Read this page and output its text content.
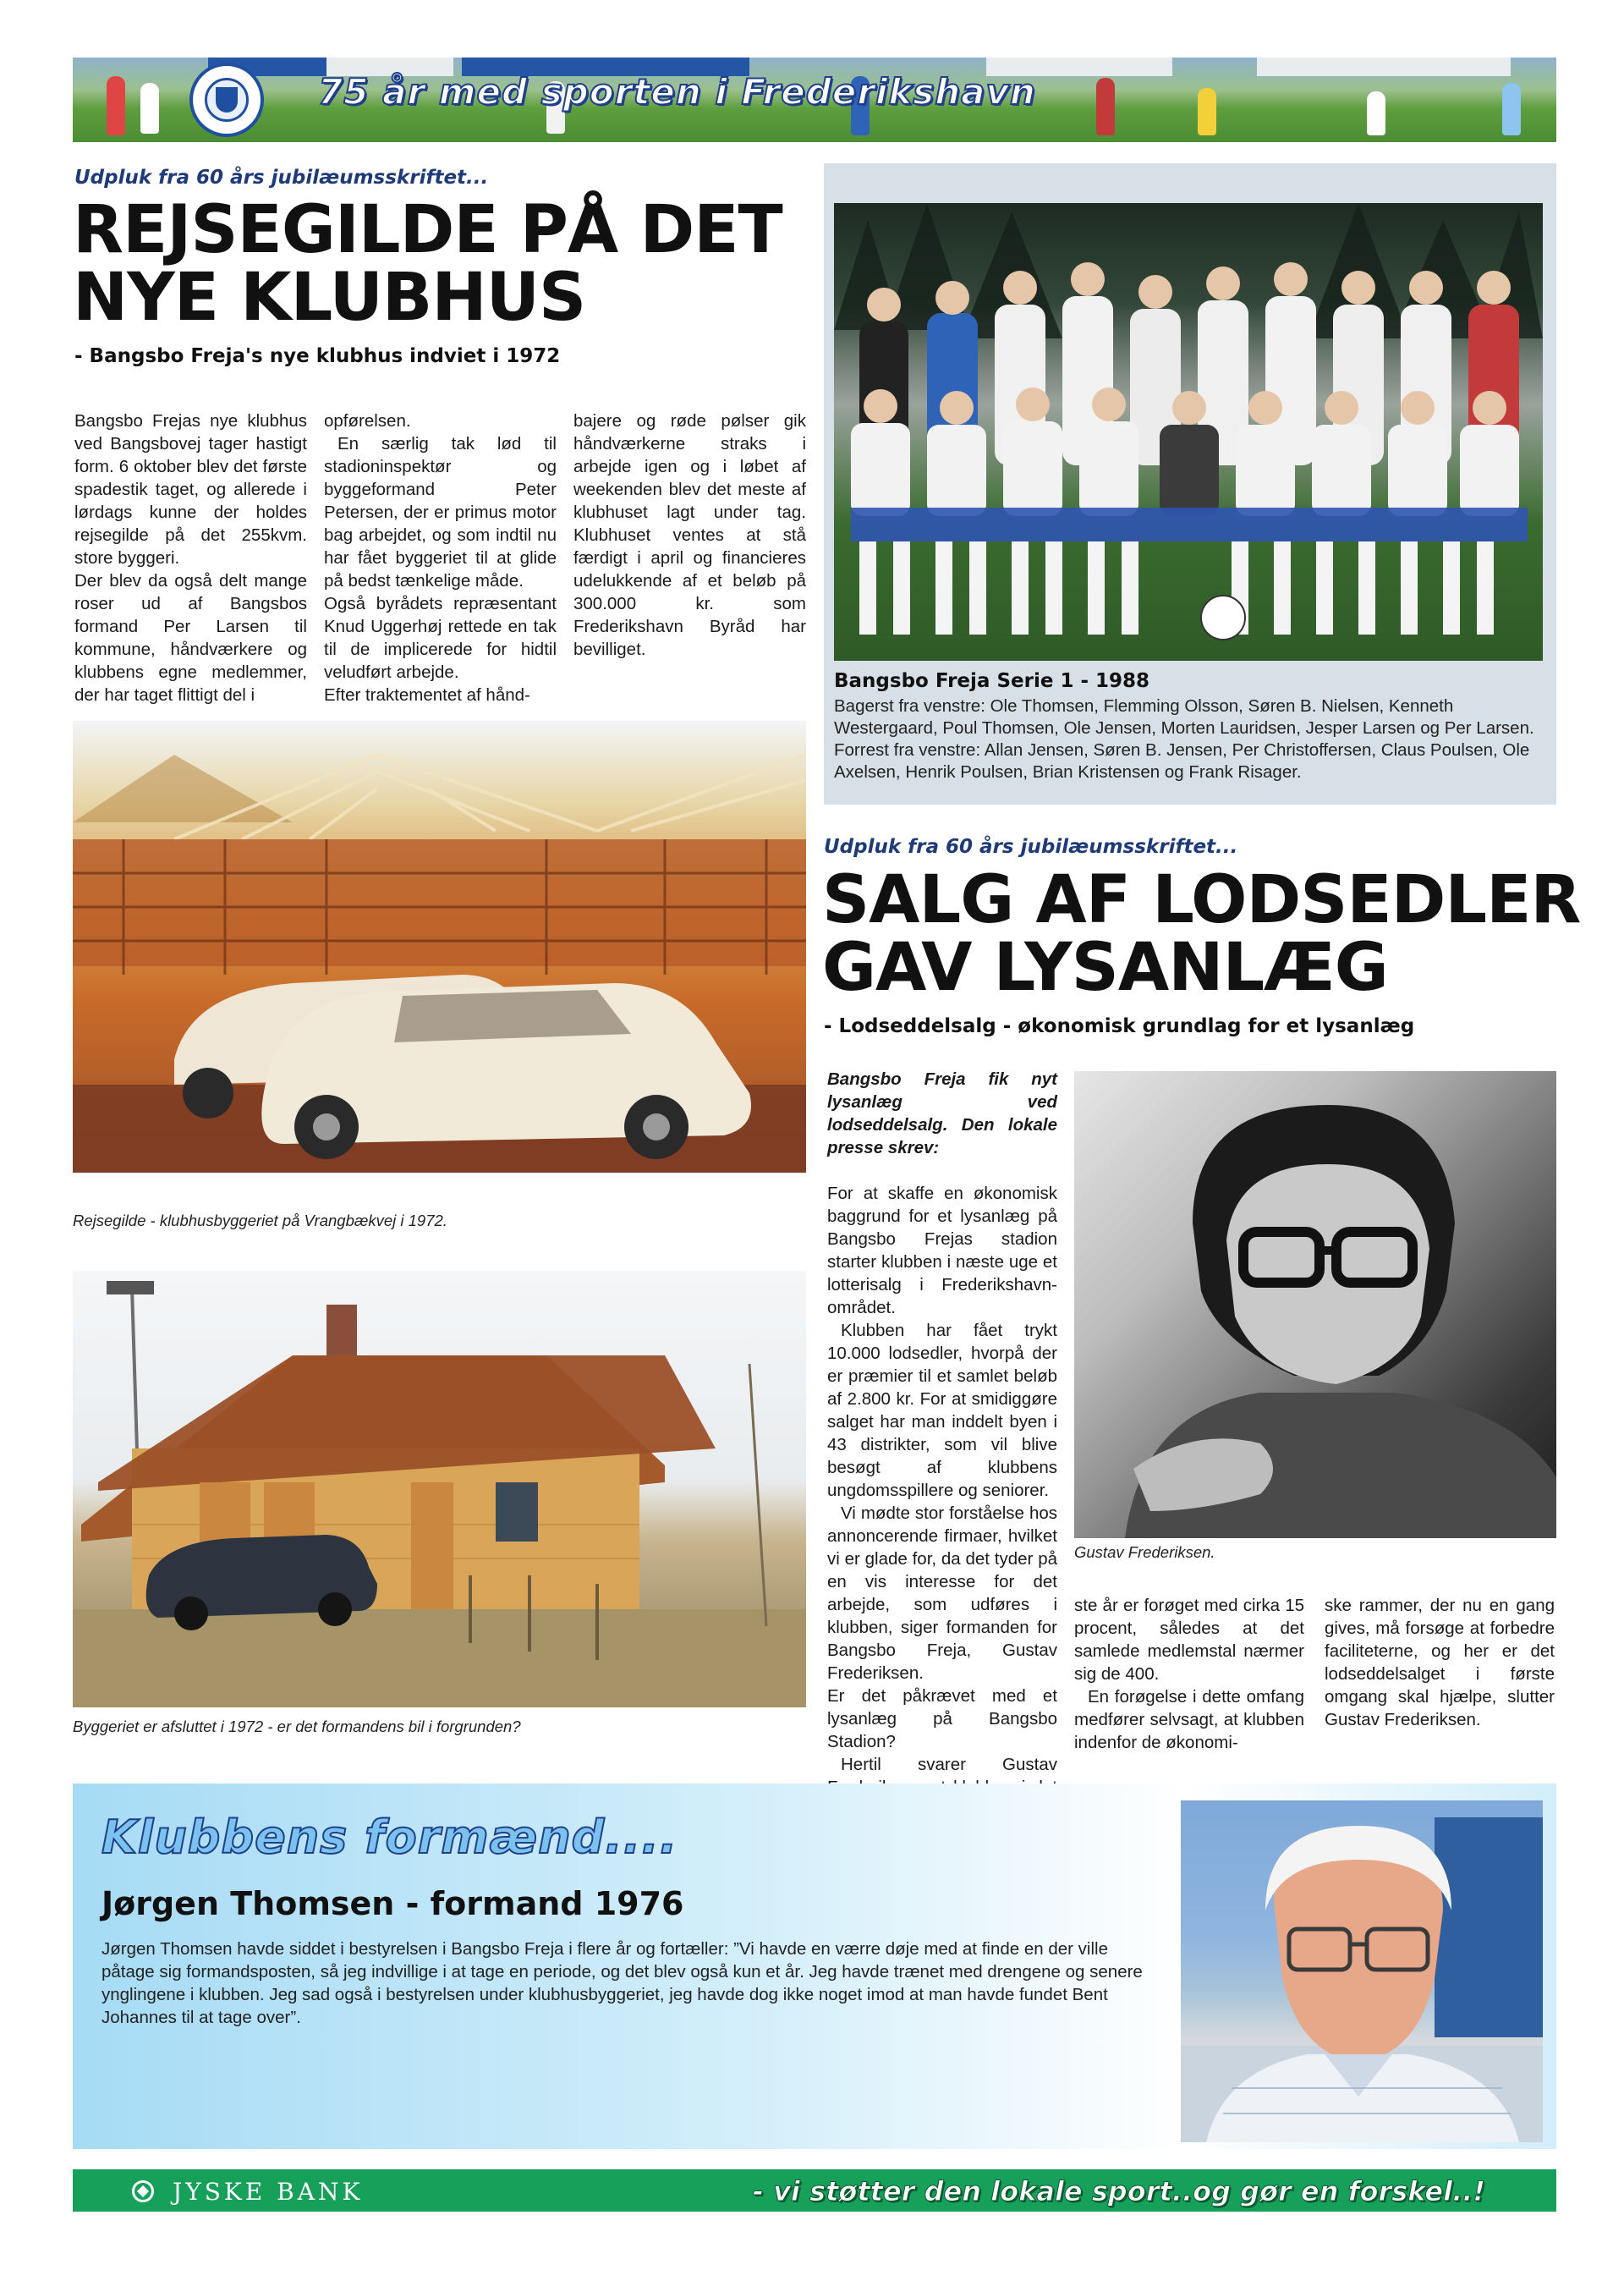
75 år med sporten i Frederikshavn
Udpluk fra 60 års jubilæumsskriftet...
REJSEGILDE PÅ DET
NYE KLUBHUS
- Bangsbo Freja's nye klubhus indviet i 1972

Bangsbo Frejas nye klubhus ved Bangsbovej tager hastigt form. 6 oktober blev det første spadestik taget, og allerede i lørdags kunne der holdes rejsegilde på det 255kvm. store byggeri.

Der blev da også delt mange roser ud af Bangsbos formand Per Larsen til kommune, håndværkere og klubbens egne medlemmer, der har taget flittigt del i

opførelsen.

En særlig tak lød til stadioninspektør og byggeformand Peter Petersen, der er primus motor bag arbejdet, og som indtil nu har fået byggeriet til at glide på bedst tænkelige måde.

Også byrådets repræsentant Knud Uggerhøj rettede en tak til de implicerede for hidtil veludført arbejde.

Efter traktementet af hånd-

bajere og røde pølser gik håndværkerne straks i arbejde igen og i løbet af weekenden blev det meste af klubhuset lagt under tag. Klubhuset ventes at stå færdigt i april og financieres udelukkende af et beløb på 300.000 kr. som Frederikshavn Byråd har bevilliget.

Rejsegilde - klubhusbyggeriet på Vrangbækvej i 1972.
Byggeriet er afsluttet i 1972 - er det formandens bil i forgrunden?
Bangsbo Freja Serie 1 - 1988
Bagerst fra venstre: Ole Thomsen, Flemming Olsson, Søren B. Nielsen, Kenneth Westergaard, Poul Thomsen, Ole Jensen, Morten Lauridsen, Jesper Larsen og Per Larsen. Forrest fra venstre: Allan Jensen, Søren B. Jensen, Per Christoffersen, Claus Poulsen, Ole Axelsen, Henrik Poulsen, Brian Kristensen og Frank Risager.
Udpluk fra 60 års jubilæumsskriftet...
SALG AF LODSEDLER
GAV LYSANLÆG
- Lodseddelsalg - økonomisk grundlag for et lysanlæg

Bangsbo Freja fik nyt lysanlæg ved lodseddelsalg. Den lokale presse skrev:

For at skaffe en økonomisk baggrund for et lysanlæg på Bangsbo Frejas stadion starter klubben i næste uge et lotterisalg i Frederikshavn-området.

Klubben har fået trykt 10.000 lodsedler, hvorpå der er præmier til et samlet beløb af 2.800 kr. For at smidiggøre salget har man inddelt byen i 43 distrikter, som vil blive besøgt af klubbens ungdomsspillere og seniorer.

Vi mødte stor forståelse hos annoncerende firmaer, hvilket vi er glade for, da det tyder på en vis interesse for det arbejde, som udføres i klubben, siger formanden for Bangsbo Freja, Gustav Frederiksen.

Er det påkrævet med et lysanlæg på Bangsbo Stadion?

Hertil svarer Gustav

Gustav Frederiksen.

ste år er forøget med cirka 15 procent, således at det samlede medlemstal nærmer sig de 400.

En forøgelse i dette omfang medfører selvsagt, at klubben indenfor de økonomi-

ske rammer, der nu en gang gives, må forsøge at forbedre faciliteterne, og her er det lodseddelsalget i første omgang skal hjælpe, slutter Gustav Frederiksen.

Klubbens formænd....
Jørgen Thomsen - formand 1976
Jørgen Thomsen havde siddet i bestyrelsen i Bangsbo Freja i flere år og fortæller: ”Vi havde en værre døje med at finde en der ville påtage sig formandsposten, så jeg indvillige i at tage en periode, og det blev også kun et år. Jeg havde trænet med drengene og senere ynglingene i klubben. Jeg sad også i bestyrelsen under klubhusbyggeriet, jeg havde dog ikke noget imod at man havde fundet Bent Johannes til at tage over”.
JYSKE BANK	- vi støtter den lokale sport..og gør en forskel..!
